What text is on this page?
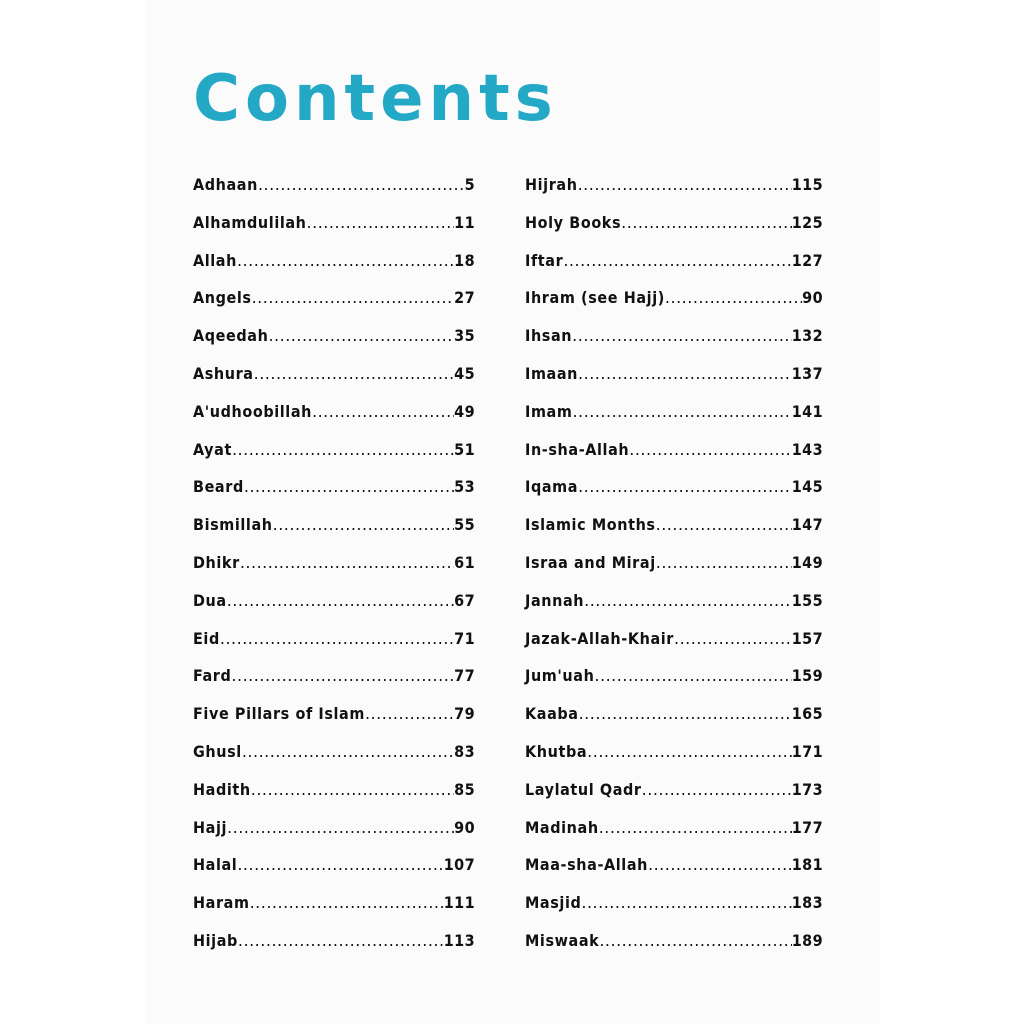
Contents
Adhaan .....	5
Alhamdulilah .....	11
Allah .....	18
Angels .....	27
Aqeedah .....	35
Ashura .....	45
A'udhoobillah .....	49
Ayat .....	51
Beard .....	53
Bismillah .....	55
Dhikr .....	61
Dua .....	67
Eid .....	71
Fard .....	77
Five Pillars of Islam .....	79
Ghusl .....	83
Hadith .....	85
Hajj .....	90
Halal .....	107
Haram .....	111
Hijab .....	113
Hijrah .....	115
Holy Books .....	125
Iftar .....	127
Ihram (see Hajj) .....	90
Ihsan .....	132
Imaan .....	137
Imam .....	141
In-sha-Allah .....	143
Iqama .....	145
Islamic Months .....	147
Israa and Miraj .....	149
Jannah .....	155
Jazak-Allah-Khair .....	157
Jum'uah .....	159
Kaaba .....	165
Khutba .....	171
Laylatul Qadr .....	173
Madinah .....	177
Maa-sha-Allah .....	181
Masjid .....	183
Miswaak .....	189
